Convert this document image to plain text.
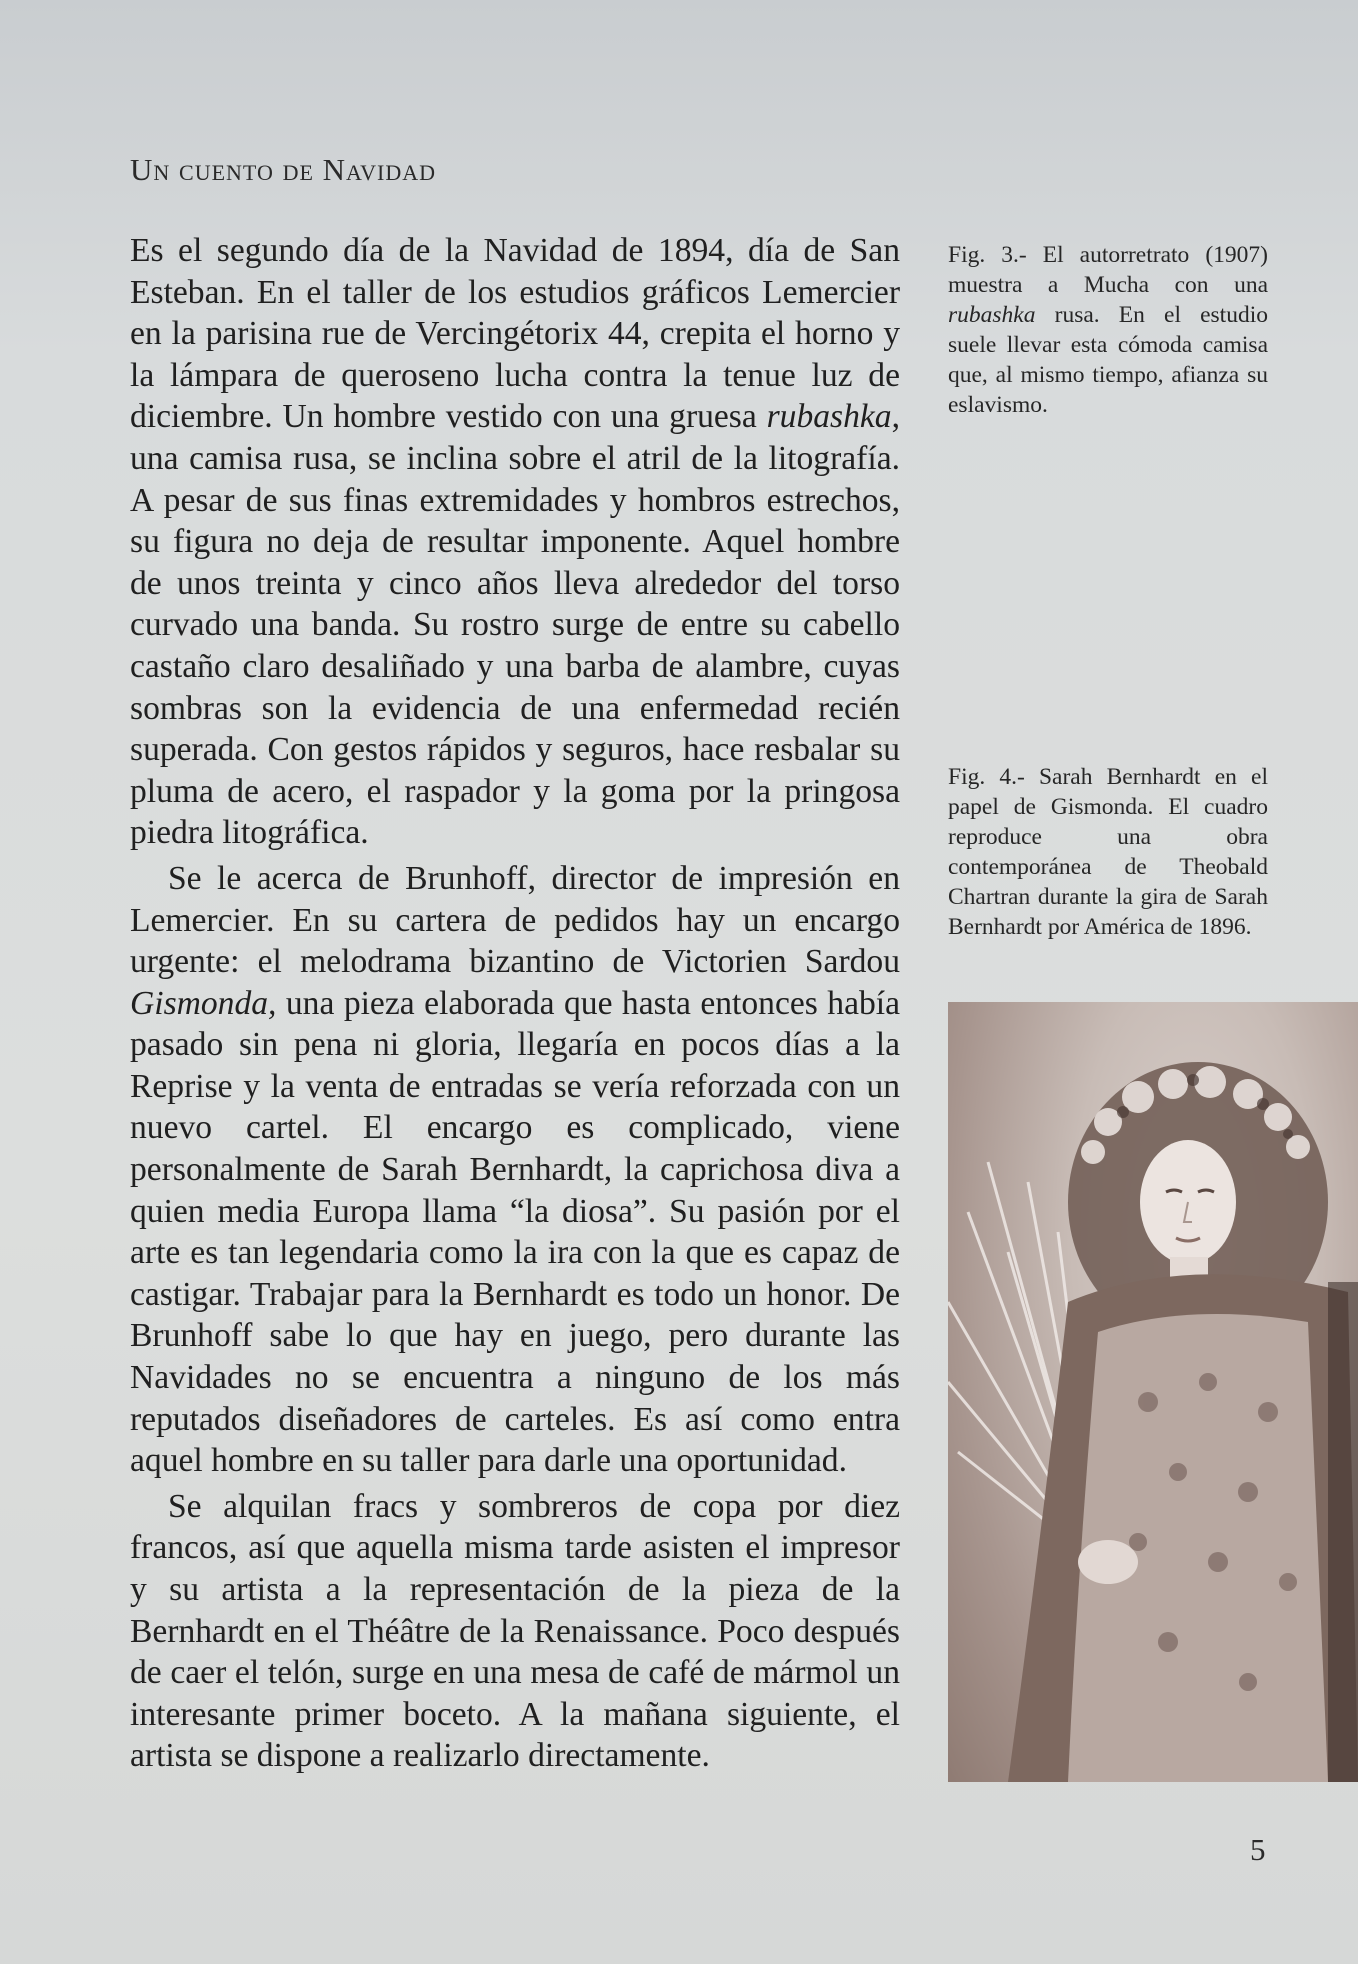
Un cuento de Navidad

Es el segundo día de la Navidad de 1894, día de San Esteban. En el taller de los estudios gráficos Lemercier en la parisina rue de Vercingétorix 44, crepita el horno y la lámpara de queroseno lucha contra la tenue luz de diciembre. Un hombre vestido con una gruesa rubashka, una camisa rusa, se inclina sobre el atril de la litografía. A pesar de sus finas extremidades y hombros estrechos, su figura no deja de resultar imponente. Aquel hombre de unos treinta y cinco años lleva alrededor del torso curvado una banda. Su rostro surge de entre su cabello castaño claro desaliñado y una barba de alambre, cuyas sombras son la evidencia de una enfermedad recién superada. Con gestos rápidos y seguros, hace resbalar su pluma de acero, el raspador y la goma por la pringosa piedra litográfica.

Se le acerca de Brunhoff, director de impresión en Lemercier. En su cartera de pedidos hay un encargo urgente: el melodrama bizantino de Victorien Sardou Gismonda, una pieza elaborada que hasta entonces había pasado sin pena ni gloria, llegaría en pocos días a la Reprise y la venta de entradas se vería reforzada con un nuevo cartel. El encargo es complicado, viene personalmente de Sarah Bernhardt, la caprichosa diva a quien media Europa llama “la diosa”. Su pasión por el arte es tan legendaria como la ira con la que es capaz de castigar. Trabajar para la Bernhardt es todo un honor. De Brunhoff sabe lo que hay en juego, pero durante las Navidades no se encuentra a ninguno de los más reputados diseñadores de carteles. Es así como entra aquel hombre en su taller para darle una oportunidad.

Se alquilan fracs y sombreros de copa por diez francos, así que aquella misma tarde asisten el impresor y su artista a la representación de la pieza de la Bernhardt en el Théâtre de la Renaissance. Poco después de caer el telón, surge en una mesa de café de mármol un interesante primer boceto. A la mañana siguiente, el artista se dispone a realizarlo directamente.

Fig. 3.- El autorretrato (1907) muestra a Mucha con una rubashka rusa. En el estudio suele llevar esta cómoda camisa que, al mismo tiempo, afianza su eslavismo.
Fig. 4.- Sarah Bernhardt en el papel de Gismonda. El cuadro reproduce una obra contemporánea de Theobald Chartran durante la gira de Sarah Bernhardt por América de 1896.
5
